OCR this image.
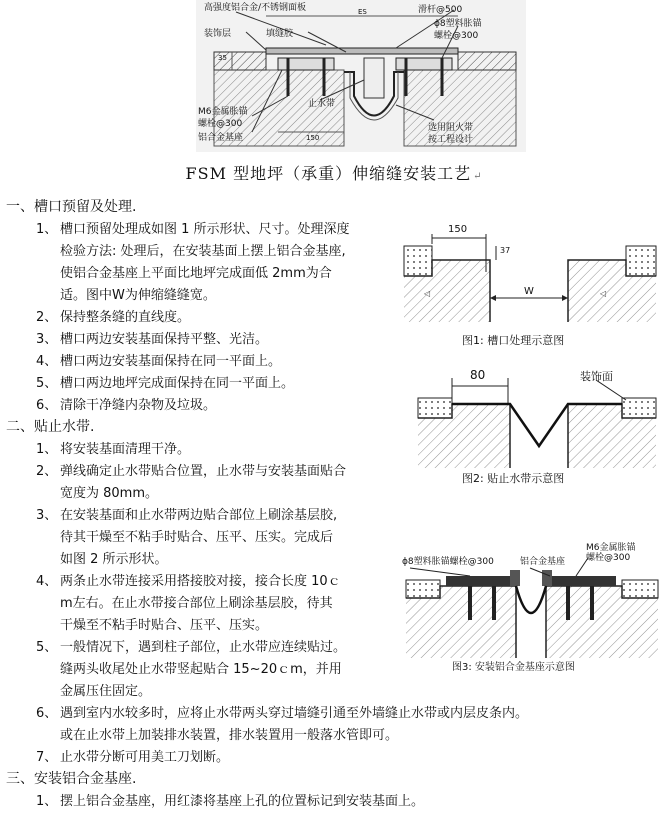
高强度铝合金/不锈钢面板
装饰层	填缝胶
滑杆@500
ϕ8塑料胀锚
螺栓@300
M6金属胀锚
螺栓@300
铝合金基座
止水带
选用阻火带
按工程设计
ES
35
150
FSM 型地坪（承重）伸缩缝安装工艺 ↵
一、槽口预留及处理.
1、 槽口预留处理成如图 1 所示形状、尺寸。处理深度
检验方法: 处理后，在安装基面上摆上铝合金基座,
使铝合金基座上平面比地坪完成面低 2mm为合
适。图中W为伸缩缝缝宽。
2、 保持整条缝的直线度。
3、 槽口两边安装基面保持平整、光洁。
4、 槽口两边安装基面保持在同一平面上。
5、 槽口两边地坪完成面保持在同一平面上。
6、 清除干净缝内杂物及垃圾。
二、贴止水带.
1、 将安装基面清理干净。
2、 弹线确定止水带贴合位置，止水带与安装基面贴合
宽度为 80mm。
3、 在安装基面和止水带两边贴合部位上刷涂基层胶,
待其干燥至不粘手时贴合、压平、压实。完成后
如图 2 所示形状。
4、 两条止水带连接采用搭接胶对接，接合长度 10ｃ
m左右。在止水带接合部位上刷涂基层胶，待其
干燥至不粘手时贴合、压平、压实。
5、 一般情况下，遇到柱子部位，止水带应连续贴过。
缝两头收尾处止水带竖起贴合 15~20ｃm，并用
金属压住固定。
6、 遇到室内水较多时，应将止水带两头穿过墙缝引通至外墙缝止水带或内层皮条内。
或在止水带上加装排水装置，排水装置用一般落水管即可。
7、 止水带分断可用美工刀划断。
三、安装铝合金基座.
1、 摆上铝合金基座，用红漆将基座上孔的位置标记到安装基面上。
◁	◁
150
37
W
图1: 槽口处理示意图
80	装饰面
图2: 贴止水带示意图
ϕ8塑料胀锚螺栓@300	铝合金基座
M6金属胀锚
螺栓@300
图3: 安装铝合金基座示意图
